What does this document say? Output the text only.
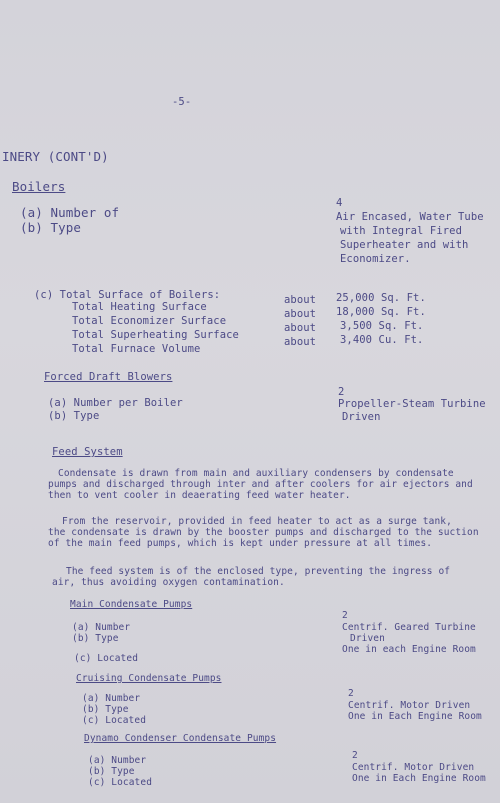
-5-
INERY (CONT'D)
Boilers
(a) Number of
(b) Type
4
Air Encased, Water Tube
with Integral Fired
Superheater and with
Economizer.
(c) Total Surface of Boilers:
Total Heating Surface
about 25,000 Sq. Ft.
Total Economizer Surface
about 18,000 Sq. Ft.
Total Superheating Surface
about 3,500 Sq. Ft.
Total Furnace Volume
about 3,400 Cu. Ft.
Forced Draft Blowers
(a) Number per Boiler
(b) Type
2
Propeller-Steam Turbine
Driven
Feed System
Condensate is drawn from main and auxiliary condensers by condensate
pumps and discharged through inter and after coolers for air ejectors and
then to vent cooler in deaerating feed water heater.
From the reservoir, provided in feed heater to act as a surge tank,
the condensate is drawn by the booster pumps and discharged to the suction
of the main feed pumps, which is kept under pressure at all times.
The feed system is of the enclosed type, preventing the ingress of
air, thus avoiding oxygen contamination.
Main Condensate Pumps
(a) Number
(b) Type
(c) Located
2
Centrif. Geared Turbine
Driven
One in each Engine Room
Cruising Condensate Pumps
(a) Number
(b) Type
(c) Located
2
Centrif. Motor Driven
One in Each Engine Room
Dynamo Condenser Condensate Pumps
(a) Number
(b) Type
(c) Located
2
Centrif. Motor Driven
One in Each Engine Room
